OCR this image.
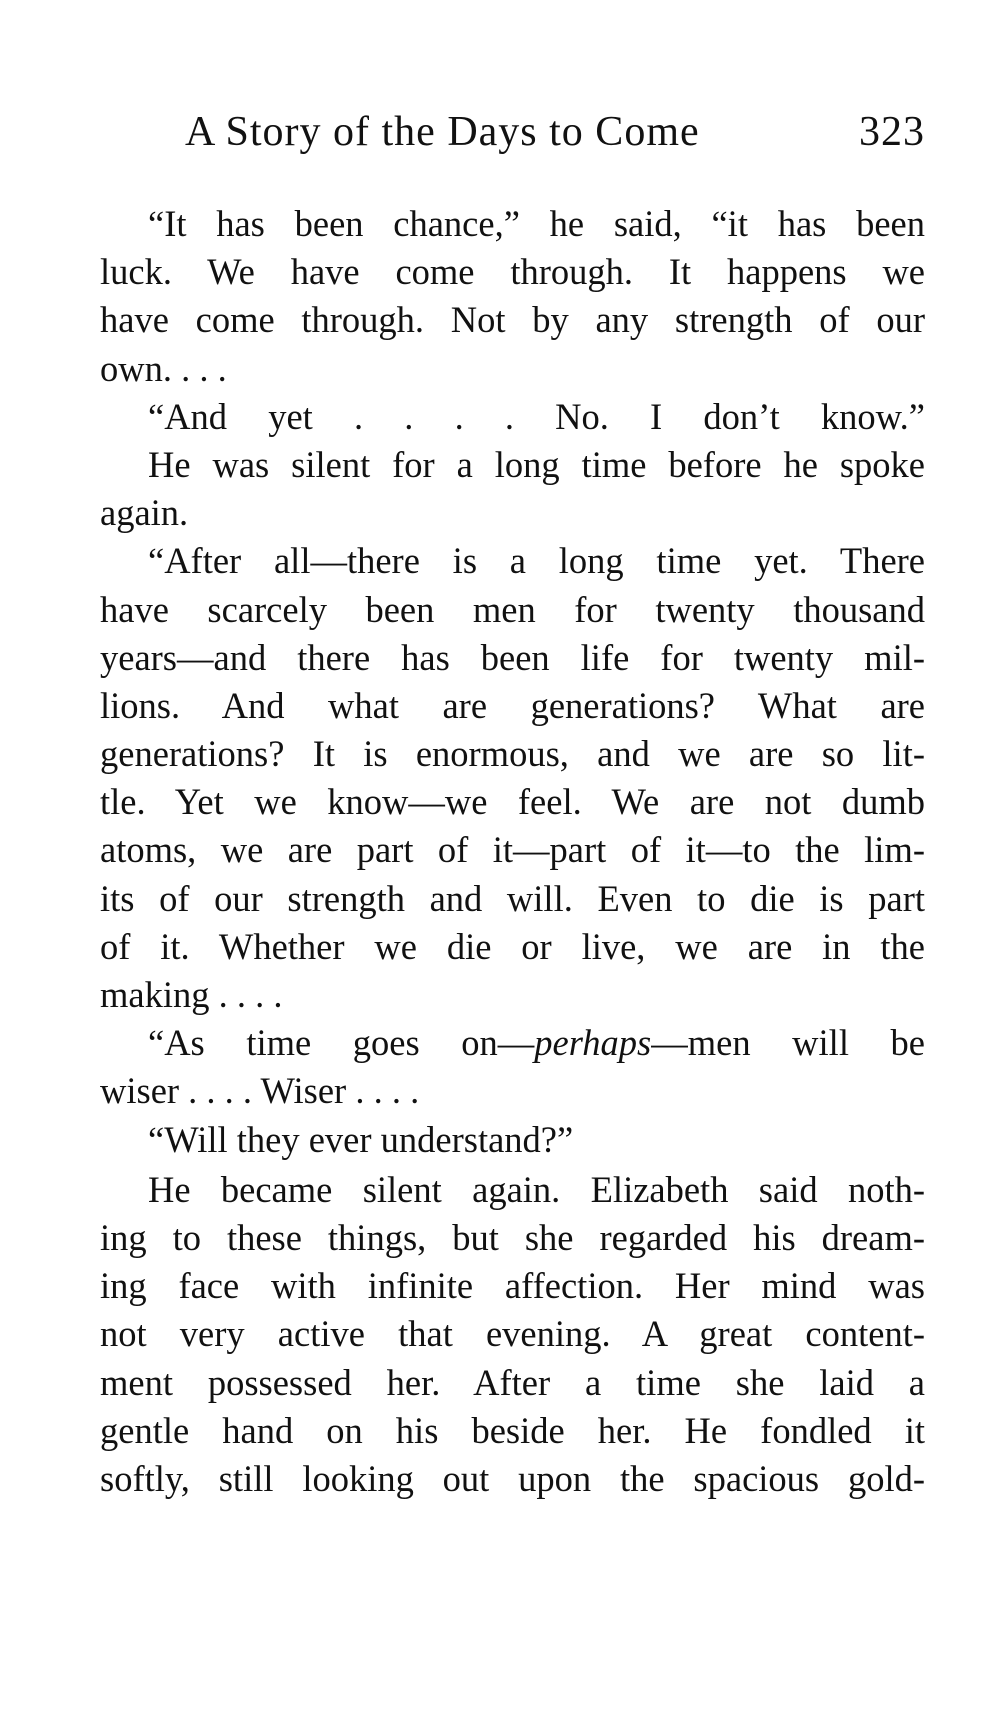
A Story of the Days to Come	323
“It has been chance,” he said, “it has been
luck. We have come through. It happens we
have come through. Not by any strength of our
own. . . .
“And yet . . . . No. I don’t know.”
He was silent for a long time before he spoke
again.
“After all—there is a long time yet. There
have scarcely been men for twenty thousand
years—and there has been life for twenty mil-
lions. And what are generations? What are
generations? It is enormous, and we are so lit-
tle. Yet we know—we feel. We are not dumb
atoms, we are part of it—part of it—to the lim-
its of our strength and will. Even to die is part
of it. Whether we die or live, we are in the
making . . . .
“As time goes on—perhaps—men will be
wiser . . . . Wiser . . . .
“Will they ever understand?”
He became silent again. Elizabeth said noth-
ing to these things, but she regarded his dream-
ing face with infinite affection. Her mind was
not very active that evening. A great content-
ment possessed her. After a time she laid a
gentle hand on his beside her. He fondled it
softly, still looking out upon the spacious gold-
